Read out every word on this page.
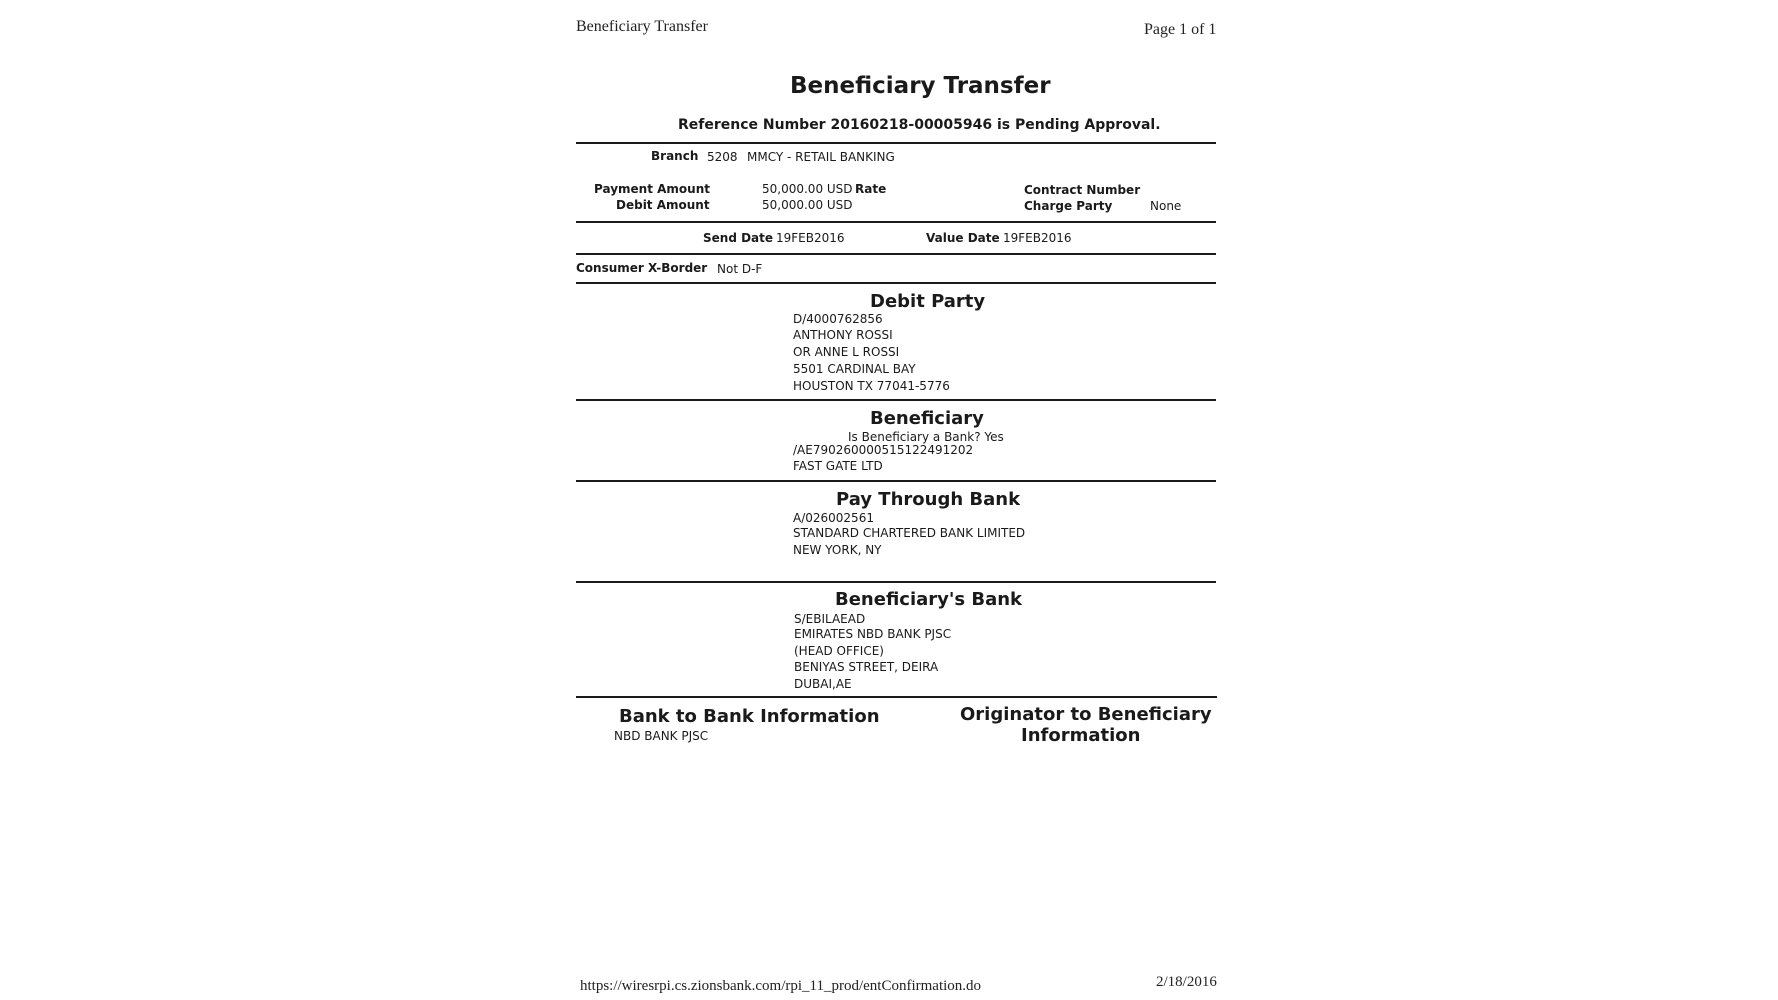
Beneficiary Transfer	Page 1 of 1
Beneficiary Transfer
Reference Number 20160218-00005946 is Pending Approval.
Branch 5208 MMCY - RETAIL BANKING
Payment Amount	50,000.00 USD Rate	Contract Number
Debit Amount	50,000.00 USD	Charge Party	None
Send Date 19FEB2016	Value Date 19FEB2016
Consumer X-Border Not D-F
Debit Party
D/4000762856
ANTHONY ROSSI
OR ANNE L ROSSI
5501 CARDINAL BAY
HOUSTON TX 77041-5776
Beneficiary
Is Beneficiary a Bank? Yes
/AE790260000515122491202
FAST GATE LTD
Pay Through Bank
A/026002561
STANDARD CHARTERED BANK LIMITED
NEW YORK, NY
Beneficiary's Bank
S/EBILAEAD
EMIRATES NBD BANK PJSC
(HEAD OFFICE)
BENIYAS STREET, DEIRA
DUBAI,AE
Bank to Bank Information
NBD BANK PJSC
Originator to Beneficiary
Information
https://wiresrpi.cs.zionsbank.com/rpi_11_prod/entConfirmation.do	2/18/2016
